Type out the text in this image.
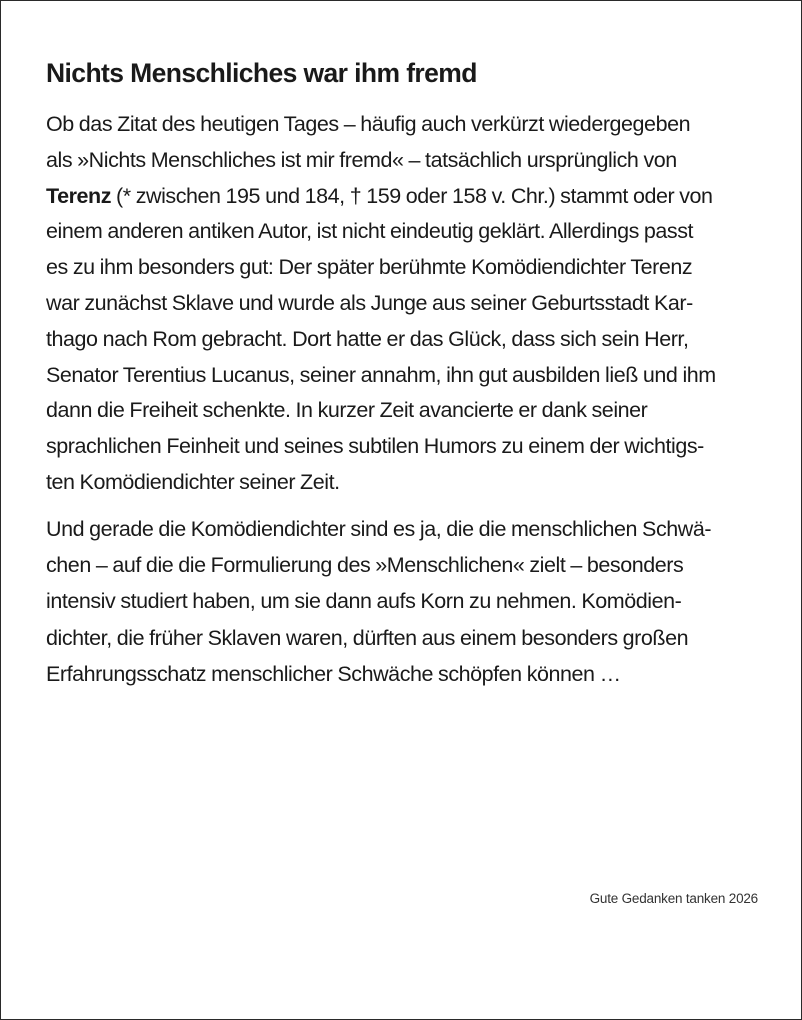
Nichts Menschliches war ihm fremd

Ob das Zitat des heutigen Tages – häufig auch verkürzt wiedergegeben
als »Nichts Menschliches ist mir fremd« – tatsächlich ursprünglich von
Terenz (* zwischen 195 und 184, † 159 oder 158 v. Chr.) stammt oder von
einem anderen antiken Autor, ist nicht eindeutig geklärt. Allerdings passt
es zu ihm besonders gut: Der später berühmte Komödiendichter Terenz
war zunächst Sklave und wurde als Junge aus seiner Geburtsstadt Kar-
thago nach Rom gebracht. Dort hatte er das Glück, dass sich sein Herr,
Senator Terentius Lucanus, seiner annahm, ihn gut ausbilden ließ und ihm
dann die Freiheit schenkte. In kurzer Zeit avancierte er dank seiner
sprachlichen Feinheit und seines subtilen Humors zu einem der wichtigs-
ten Komödiendichter seiner Zeit.

Und gerade die Komödiendichter sind es ja, die die menschlichen Schwä-
chen – auf die die Formulierung des »Menschlichen« zielt – besonders
intensiv studiert haben, um sie dann aufs Korn zu nehmen. Komödien-
dichter, die früher Sklaven waren, dürften aus einem besonders großen
Erfahrungsschatz menschlicher Schwäche schöpfen können …

Gute Gedanken tanken 2026
